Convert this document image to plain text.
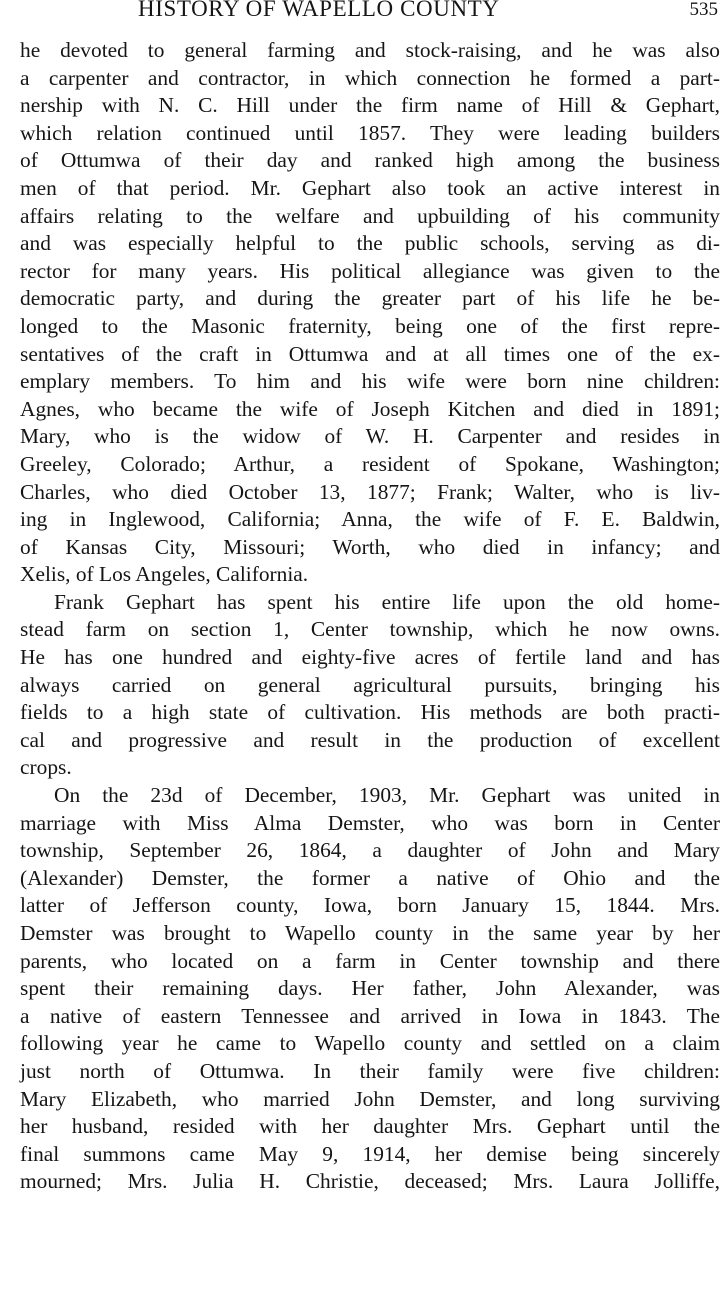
HISTORY OF WAPELLO COUNTY	535
he devoted to general farming and stock-raising, and he was also
a carpenter and contractor, in which connection he formed a part-
nership with N. C. Hill under the firm name of Hill & Gephart,
which relation continued until 1857. They were leading builders
of Ottumwa of their day and ranked high among the business
men of that period. Mr. Gephart also took an active interest in
affairs relating to the welfare and upbuilding of his community
and was especially helpful to the public schools, serving as di-
rector for many years. His political allegiance was given to the
democratic party, and during the greater part of his life he be-
longed to the Masonic fraternity, being one of the first repre-
sentatives of the craft in Ottumwa and at all times one of the ex-
emplary members. To him and his wife were born nine children:
Agnes, who became the wife of Joseph Kitchen and died in 1891;
Mary, who is the widow of W. H. Carpenter and resides in
Greeley, Colorado; Arthur, a resident of Spokane, Washington;
Charles, who died October 13, 1877; Frank; Walter, who is liv-
ing in Inglewood, California; Anna, the wife of F. E. Baldwin,
of Kansas City, Missouri; Worth, who died in infancy; and
Xelis, of Los Angeles, California.
Frank Gephart has spent his entire life upon the old home-
stead farm on section 1, Center township, which he now owns.
He has one hundred and eighty-five acres of fertile land and has
always carried on general agricultural pursuits, bringing his
fields to a high state of cultivation. His methods are both practi-
cal and progressive and result in the production of excellent
crops.
On the 23d of December, 1903, Mr. Gephart was united in
marriage with Miss Alma Demster, who was born in Center
township, September 26, 1864, a daughter of John and Mary
(Alexander) Demster, the former a native of Ohio and the
latter of Jefferson county, Iowa, born January 15, 1844. Mrs.
Demster was brought to Wapello county in the same year by her
parents, who located on a farm in Center township and there
spent their remaining days. Her father, John Alexander, was
a native of eastern Tennessee and arrived in Iowa in 1843. The
following year he came to Wapello county and settled on a claim
just north of Ottumwa. In their family were five children:
Mary Elizabeth, who married John Demster, and long surviving
her husband, resided with her daughter Mrs. Gephart until the
final summons came May 9, 1914, her demise being sincerely
mourned; Mrs. Julia H. Christie, deceased; Mrs. Laura Jolliffe,
